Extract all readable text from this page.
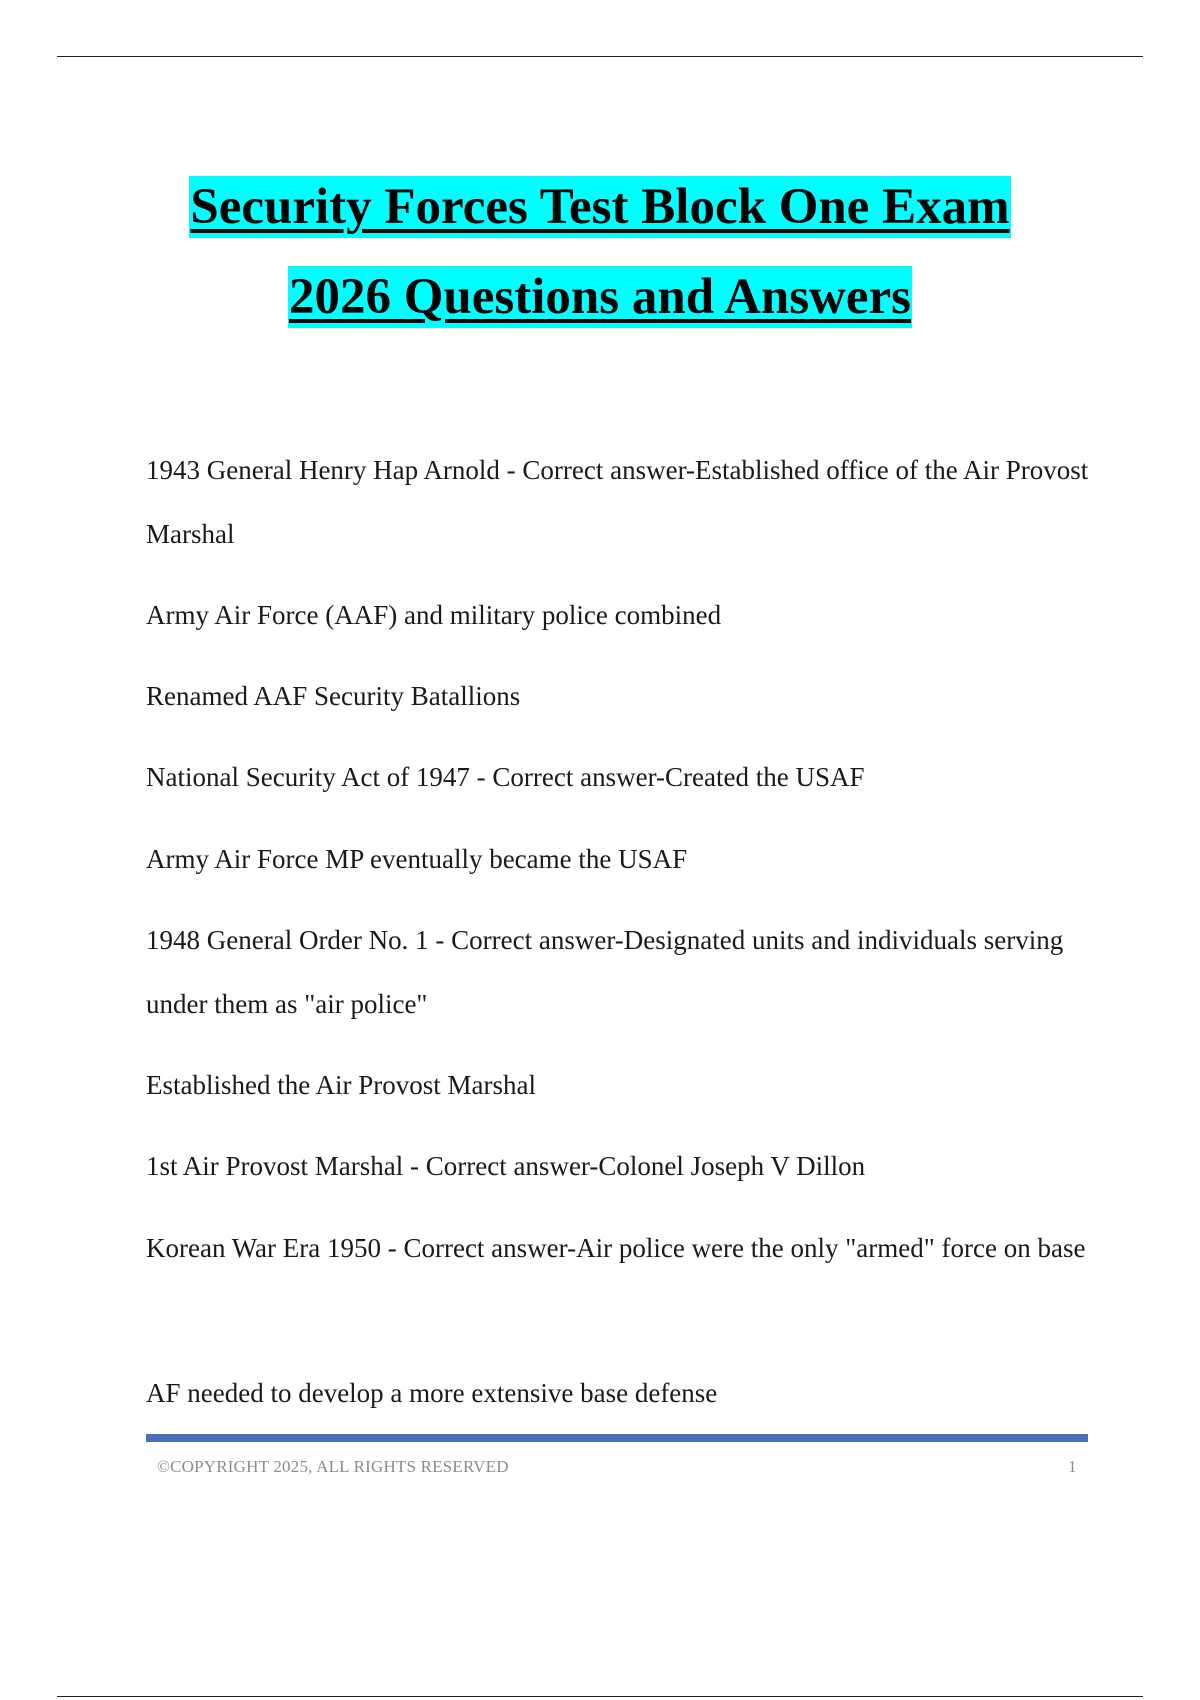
Security Forces Test Block One Exam
2026 Questions and Answers

1943 General Henry Hap Arnold - Correct answer-Established office of the Air Provost Marshal

Army Air Force (AAF) and military police combined

Renamed AAF Security Batallions

National Security Act of 1947 - Correct answer-Created the USAF

Army Air Force MP eventually became the USAF

1948 General Order No. 1 - Correct answer-Designated units and individuals serving under them as "air police"

Established the Air Provost Marshal

1st Air Provost Marshal - Correct answer-Colonel Joseph V Dillon

Korean War Era 1950 - Correct answer-Air police were the only "armed" force on base

AF needed to develop a more extensive base defense

©COPYRIGHT 2025, ALL RIGHTS RESERVED	1
